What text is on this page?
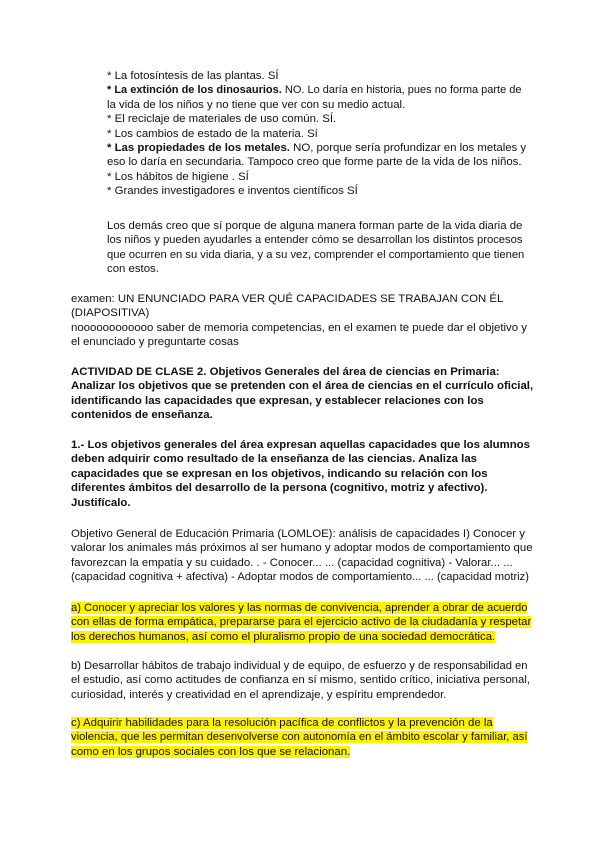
* La fotosíntesis de las plantas. SÍ
* La extinción de los dinosaurios. NO. Lo daría en historia, pues no forma parte de
la vida de los niños y no tiene que ver con su medio actual.
* El reciclaje de materiales de uso común. SÍ.
* Los cambios de estado de la materia. Sí
* Las propiedades de los metales. NO, porque sería profundizar en los metales y
eso lo daría en secundaria. Tampoco creo que forme parte de la vida de los niños.
* Los hábitos de higiene . SÍ
* Grandes investigadores e inventos científicos SÍ
Los demás creo que sí porque de alguna manera forman parte de la vida diaria de
los niños y pueden ayudarles a entender cómo se desarrollan los distintos procesos
que ocurren en su vida diaria, y a su vez, comprender el comportamiento que tienen
con estos.
examen: UN ENUNCIADO PARA VER QUÉ CAPACIDADES SE TRABAJAN CON ÉL
(DIAPOSITIVA)
noooooooooooo saber de memoria competencias, en el examen te puede dar el objetivo y
el enunciado y preguntarte cosas
ACTIVIDAD DE CLASE 2. Objetivos Generales del área de ciencias en Primaria:
Analizar los objetivos que se pretenden con el área de ciencias en el currículo oficial,
identificando las capacidades que expresan, y establecer relaciones con los
contenidos de enseñanza.
1.- Los objetivos generales del área expresan aquellas capacidades que los alumnos
deben adquirir como resultado de la enseñanza de las ciencias. Analiza las
capacidades que se expresan en los objetivos, indicando su relación con los
diferentes ámbitos del desarrollo de la persona (cognitivo, motriz y afectivo).
Justifícalo.
Objetivo General de Educación Primaria (LOMLOE): análisis de capacidades I) Conocer y
valorar los animales más próximos al ser humano y adoptar modos de comportamiento que
favorezcan la empatía y su cuidado. . - Conocer... ... (capacidad cognitiva) - Valorar... ...
(capacidad cognitiva + afectiva) - Adoptar modos de comportamiento... ... (capacidad motriz)
a) Conocer y apreciar los valores y las normas de convivencia, aprender a obrar de acuerdo
con ellas de forma empática, prepararse para el ejercicio activo de la ciudadanía y respetar
los derechos humanos, así como el pluralismo propio de una sociedad democrática.
b) Desarrollar hábitos de trabajo individual y de equipo, de esfuerzo y de responsabilidad en
el estudio, así como actitudes de confianza en sí mismo, sentido crítico, iniciativa personal,
curiosidad, interés y creatividad en el aprendizaje, y espíritu emprendedor.
c) Adquirir habilidades para la resolución pacífica de conflictos y la prevención de la
violencia, que les permitan desenvolverse con autonomía en el ámbito escolar y familiar, así
como en los grupos sociales con los que se relacionan.
